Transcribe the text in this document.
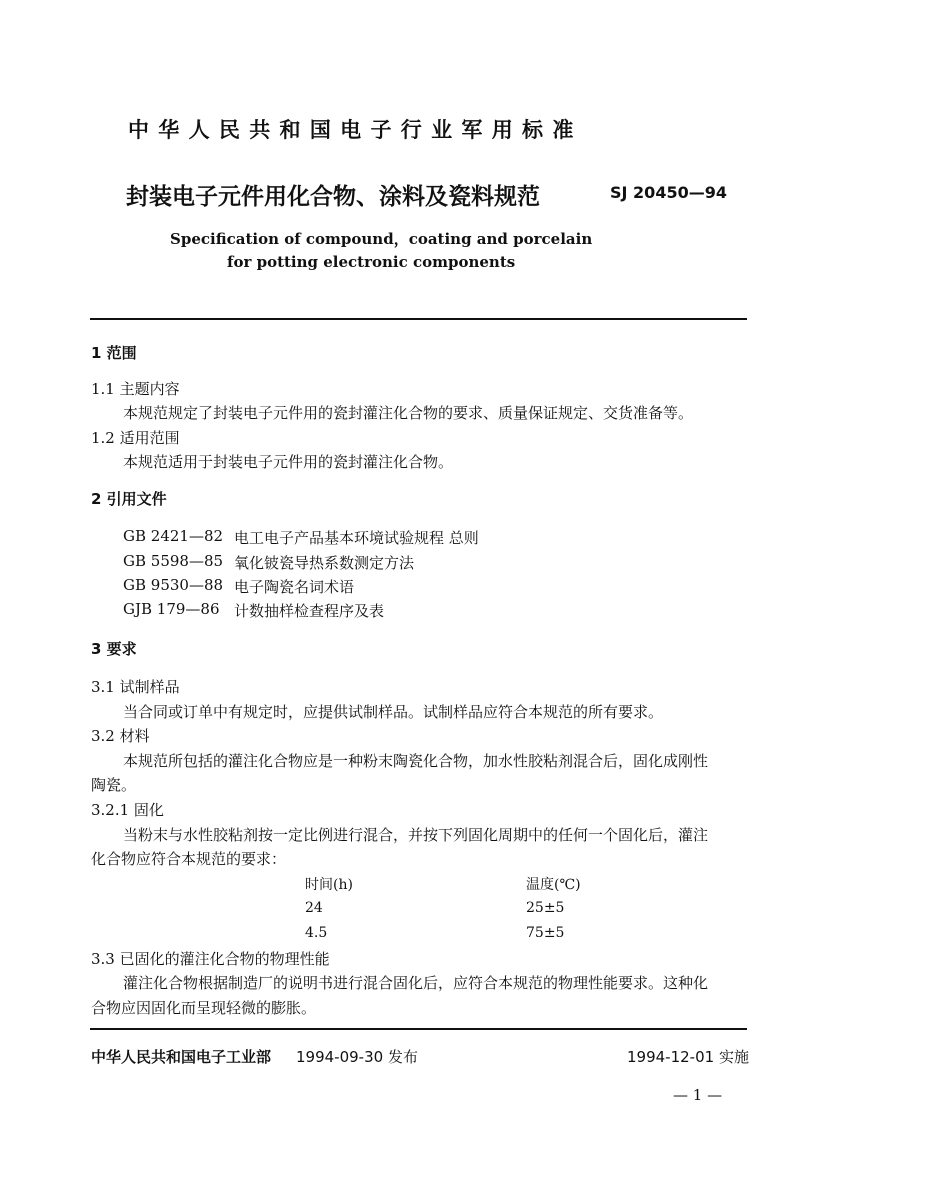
中 华 人 民 共 和 国 电 子 行 业 军 用 标 准
封装电子元件用化合物、涂料及瓷料规范	SJ 20450—94
Specification of compound，coating and porcelain
for potting electronic components
1 范围
1.1 主题内容
本规范规定了封装电子元件用的瓷封灌注化合物的要求、质量保证规定、交货准备等。
1.2 适用范围
本规范适用于封装电子元件用的瓷封灌注化合物。
2 引用文件
GB 2421—82 电工电子产品基本环境试验规程 总则
GB 5598—85 氧化铍瓷导热系数测定方法
GB 9530—88 电子陶瓷名词术语
GJB 179—86 计数抽样检查程序及表
3 要求
3.1 试制样品
当合同或订单中有规定时，应提供试制样品。试制样品应符合本规范的所有要求。
3.2 材料
本规范所包括的灌注化合物应是一种粉末陶瓷化合物，加水性胶粘剂混合后，固化成刚性
陶瓷。
3.2.1 固化
当粉末与水性胶粘剂按一定比例进行混合，并按下列固化周期中的任何一个固化后，灌注
化合物应符合本规范的要求：
时间(h)	温度(℃)
24	25±5
4.5	75±5
3.3 已固化的灌注化合物的物理性能
灌注化合物根据制造厂的说明书进行混合固化后，应符合本规范的物理性能要求。这种化
合物应因固化而呈现轻微的膨胀。
中华人民共和国电子工业部 1994-09-30 发布	1994-12-01 实施
— 1 —
